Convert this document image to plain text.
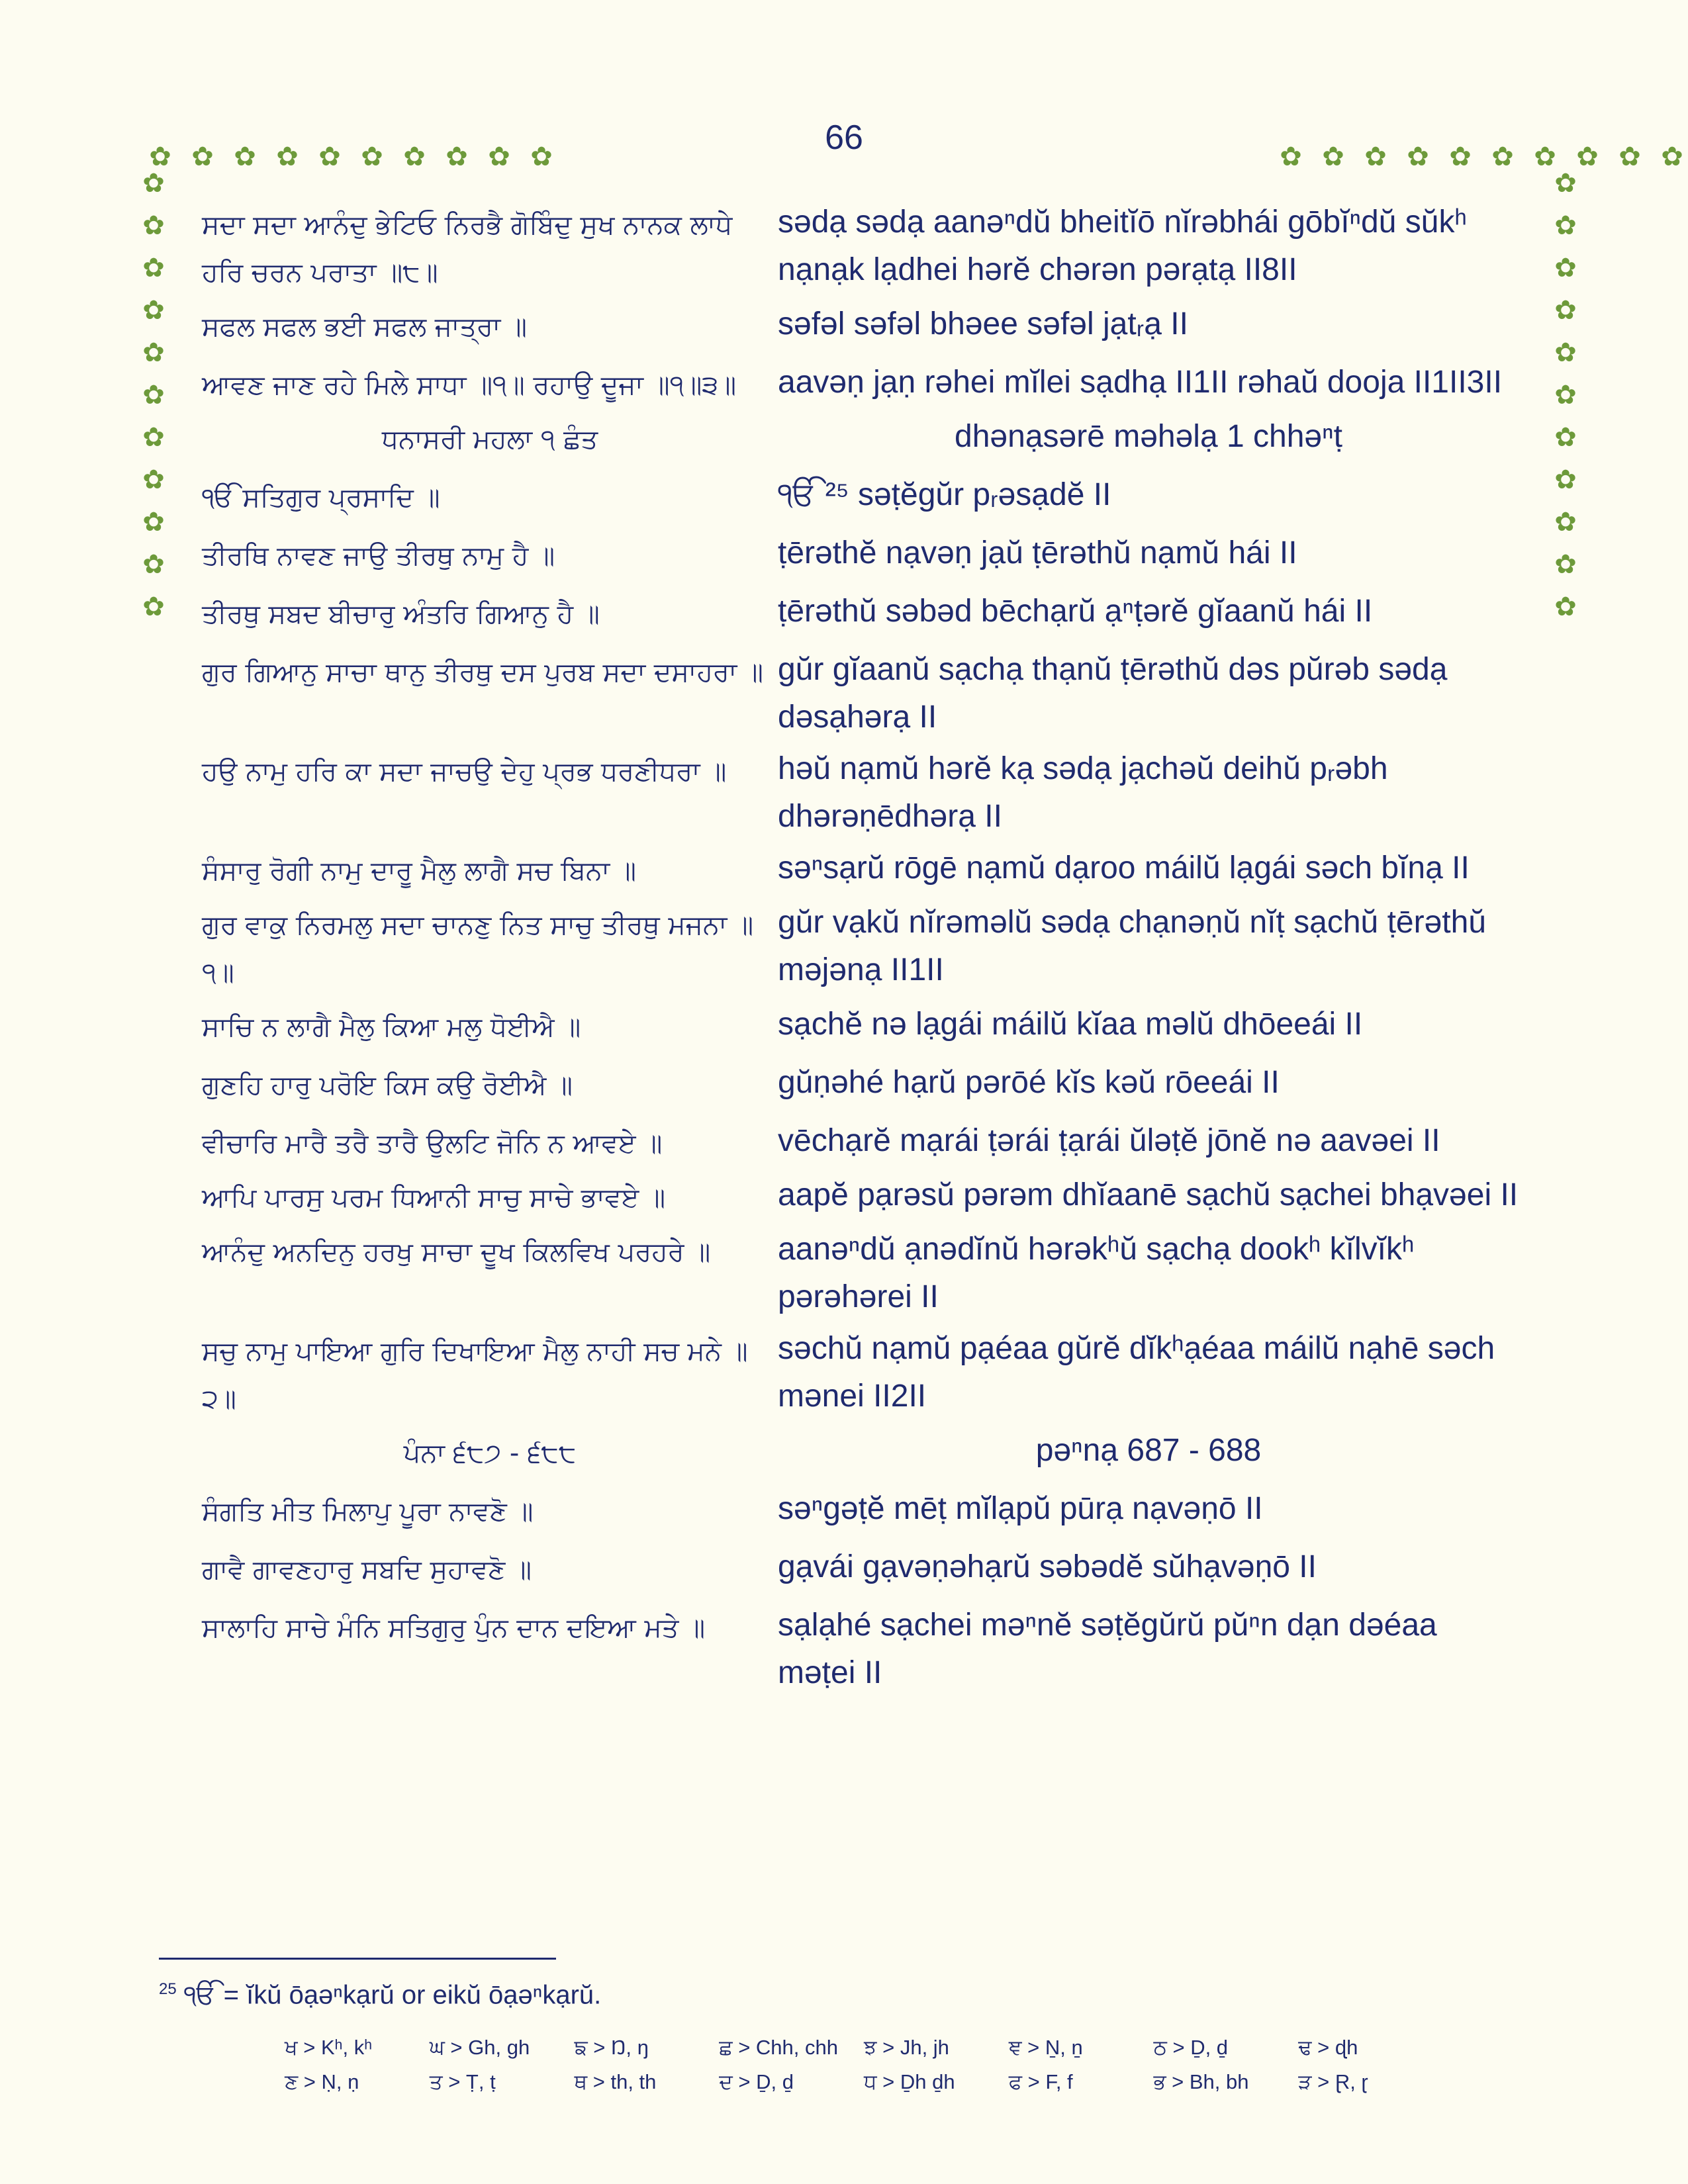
66
✿ ✿ ✿ ✿ ✿ ✿ ✿ ✿ ✿ ✿	✿ ✿ ✿ ✿ ✿ ✿ ✿ ✿ ✿ ✿
✿
✿
✿
✿
✿
✿
✿
✿
✿
✿
✿
✿
✿
✿
✿
✿
✿
✿
✿
✿
✿
✿
ਸਦਾ ਸਦਾ ਆਨੰਦੁ ਭੇਟਿਓ ਨਿਰਭੈ ਗੋਬਿੰਦੁ ਸੁਖ ਨਾਨਕ ਲਾਧੇ ਹਰਿ ਚਰਨ ਪਰਾਤਾ ॥੮॥
sədạ sədạ aanəⁿdŭ bheitĭō nĭrəbhái gōbĭⁿdŭ sŭkʰ nạnạk lạdhei hərĕ chərən pərạtạ II8II
ਸਫਲ ਸਫਲ ਭਈ ਸਫਲ ਜਾਤ੍ਰਾ ॥	səfəl səfəl bhəee səfəl jạtᵣạ II
ਆਵਣ ਜਾਣ ਰਹੇ ਮਿਲੇ ਸਾਧਾ ॥੧॥ ਰਹਾਉ ਦੂਜਾ ॥੧॥੩॥	aavəṇ jạṇ rəhei mĭlei sạdhạ II1II rəhaŭ dooja II1II3II
ਧਨਾਸਰੀ ਮਹਲਾ ੧ ਛੰਤ	dhənạsərē məhəlạ 1 chhəⁿṭ
ੴ ਸਤਿਗੁਰ ਪ੍ਰਸਾਦਿ ॥	ੴ ²⁵ səṭĕgŭr pᵣəsạdĕ II
ਤੀਰਥਿ ਨਾਵਣ ਜਾਉ ਤੀਰਥੁ ਨਾਮੁ ਹੈ ॥	ṭērəthĕ nạvəṇ jạŭ ṭērəthŭ nạmŭ hái II
ਤੀਰਥੁ ਸਬਦ ਬੀਚਾਰੁ ਅੰਤਰਿ ਗਿਆਨੁ ਹੈ ॥	ṭērəthŭ səbəd bēchạrŭ ạⁿṭərĕ gĭaanŭ hái II
ਗੁਰ ਗਿਆਨੁ ਸਾਚਾ ਥਾਨੁ ਤੀਰਥੁ ਦਸ ਪੁਰਬ ਸਦਾ ਦਸਾਹਰਾ ॥ gŭr gĭaanŭ sạchạ thạnŭ ṭērəthŭ dəs pŭrəb sədạ dəsạhərạ II
ਹਉ ਨਾਮੁ ਹਰਿ ਕਾ ਸਦਾ ਜਾਚਉ ਦੇਹੁ ਪ੍ਰਭ ਧਰਣੀਧਰਾ ॥	həŭ nạmŭ hərĕ kạ sədạ jạchəŭ deihŭ pᵣəbh dhərəṇēdhərạ II
ਸੰਸਾਰੁ ਰੋਗੀ ਨਾਮੁ ਦਾਰੂ ਮੈਲੁ ਲਾਗੈ ਸਚ ਬਿਨਾ ॥	səⁿsạrŭ rōgē nạmŭ dạroo máilŭ lạgái səch bĭnạ II
ਗੁਰ ਵਾਕੁ ਨਿਰਮਲੁ ਸਦਾ ਚਾਨਣੁ ਨਿਤ ਸਾਚੁ ਤੀਰਥੁ ਮਜਨਾ ॥੧॥
gŭr vạkŭ nĭrəməlŭ sədạ chạnəṇŭ nĭṭ sạchŭ ṭērəthŭ məjənạ II1II
ਸਾਚਿ ਨ ਲਾਗੈ ਮੈਲੁ ਕਿਆ ਮਲੁ ਧੋਈਐ ॥	sạchĕ nə lạgái máilŭ kĭaa məlŭ dhōeeái II
ਗੁਣਹਿ ਹਾਰੁ ਪਰੋਇ ਕਿਸ ਕਉ ਰੋਈਐ ॥	gŭṇəhé hạrŭ pərōé kĭs kəŭ rōeeái II
ਵੀਚਾਰਿ ਮਾਰੈ ਤਰੈ ਤਾਰੈ ਉਲਟਿ ਜੋਨਿ ਨ ਆਵਏ ॥	vēchạrĕ mạrái ṭərái ṭạrái ŭləṭĕ jōnĕ nə aavəei II
ਆਪਿ ਪਾਰਸੁ ਪਰਮ ਧਿਆਨੀ ਸਾਚੁ ਸਾਚੇ ਭਾਵਏ ॥	aapĕ pạrəsŭ pərəm dhĭaanē sạchŭ sạchei bhạvəei II
ਆਨੰਦੁ ਅਨਦਿਨੁ ਹਰਖੁ ਸਾਚਾ ਦੂਖ ਕਿਲਵਿਖ ਪਰਹਰੇ ॥	aanəⁿdŭ ạnədĭnŭ hərəkʰŭ sạchạ dookʰ kĭlvĭkʰ pərəhərei II
ਸਚੁ ਨਾਮੁ ਪਾਇਆ ਗੁਰਿ ਦਿਖਾਇਆ ਮੈਲੁ ਨਾਹੀ ਸਚ ਮਨੇ ॥੨॥
səchŭ nạmŭ pạéaa gŭrĕ dĭkʰạéaa máilŭ nạhē səch mənei II2II
ਪੰਨਾ ੬੮੭ - ੬੮੮	pəⁿnạ 687 - 688
ਸੰਗਤਿ ਮੀਤ ਮਿਲਾਪੁ ਪੂਰਾ ਨਾਵਣੋ ॥	səⁿgəṭĕ mēṭ mĭlạpŭ pūrạ nạvəṇō II
ਗਾਵੈ ਗਾਵਣਹਾਰੁ ਸਬਦਿ ਸੁਹਾਵਣੋ ॥	gạvái gạvəṇəhạrŭ səbədĕ sŭhạvəṇō II
ਸਾਲਾਹਿ ਸਾਚੇ ਮੰਨਿ ਸਤਿਗੁਰੁ ਪੁੰਨ ਦਾਨ ਦਇਆ ਮਤੇ ॥	sạlạhé sạchei məⁿnĕ səṭĕgŭrŭ pŭⁿn dạn dəéaa məṭei II
$^{25}$ ੴ = ĭkŭ ōạəⁿkạrŭ or eikŭ ōạəⁿkạrŭ.
ਖ > Kʰ, kʰ	ਘ > Gh, gh	ਙ > Ŋ, ŋ	ਛ > Chh, chh	ਝ > Jh, jh	ਞ > Ṉ, ṉ	ਠ > Ḏ, ḏ	ਢ > ɖh
ਣ > Ṇ, ṇ	ਤ > Ṭ, ṭ	ਥ > th, th	ਦ > Ḏ, ḏ	ਧ > Ḏh ḏh	ਫ > F, f	ਭ > Bh, bh	ੜ > Ɽ, ɽ
